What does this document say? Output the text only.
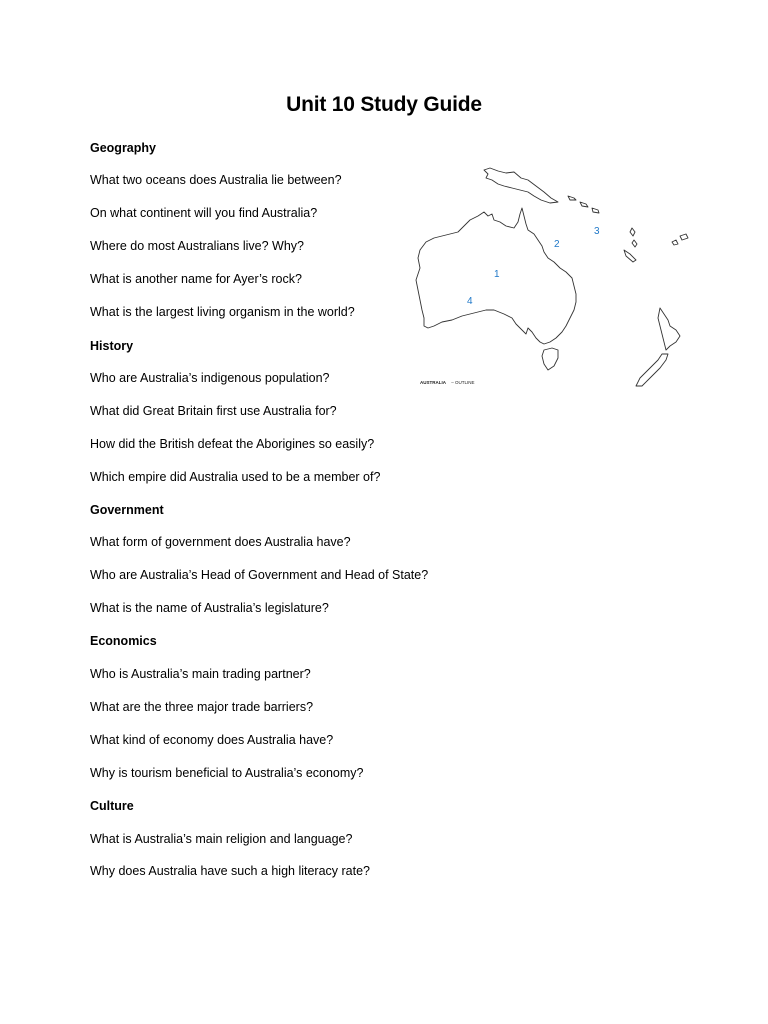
Unit 10 Study Guide
Geography
What two oceans does Australia lie between?
On what continent will you find Australia?
Where do most Australians live? Why?
What is another name for Ayer’s rock?
What is the largest living organism in the world?
History
Who are Australia’s indigenous population?
What did Great Britain first use Australia for?
How did the British defeat the Aborigines so easily?
Which empire did Australia used to be a member of?
Government
What form of government does Australia have?
Who are Australia’s Head of Government and Head of State?
What is the name of Australia’s legislature?
Economics
Who is Australia’s main trading partner?
What are the three major trade barriers?
What kind of economy does Australia have?
Why is tourism beneficial to Australia’s economy?
Culture
What is Australia’s main religion and language?
Why does Australia have such a high literacy rate?
1
2
3
4
AUSTRALIA – OUTLINE
